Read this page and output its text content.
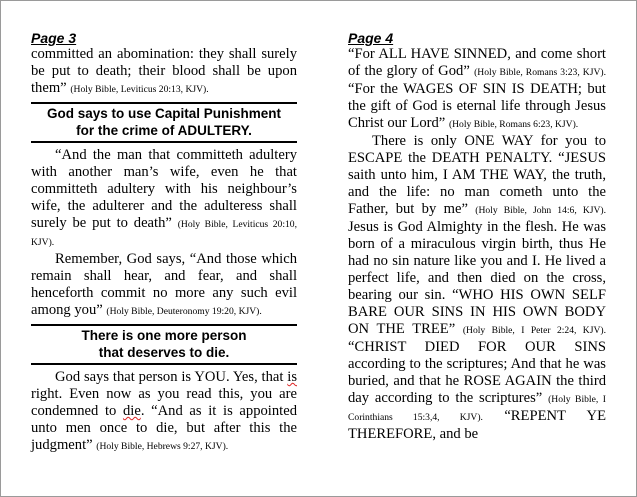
Page 3

committed an abomination: they shall surely be put to death; their blood shall be upon them” (Holy Bible, Leviticus 20:13, KJV).

God says to use Capital Punishment
for the crime of ADULTERY.

“And the man that committeth adultery with another man’s wife, even he that committeth adultery with his neighbour’s wife, the adulterer and the adulteress shall surely be put to death” (Holy Bible, Leviticus 20:10, KJV).

Remember, God says, “And those which remain shall hear, and fear, and shall henceforth commit no more any such evil among you” (Holy Bible, Deuteronomy 19:20, KJV).

There is one more person
that deserves to die.

God says that person is YOU. Yes, that is right. Even now as you read this, you are condemned to die. “And as it is appointed unto men once to die, but after this the judgment” (Holy Bible, Hebrews 9:27, KJV).

Page 4

“For ALL HAVE SINNED, and come short of the glory of God” (Holy Bible, Romans 3:23, KJV). “For the WAGES OF SIN IS DEATH; but the gift of God is eternal life through Jesus Christ our Lord” (Holy Bible, Romans 6:23, KJV).

There is only ONE WAY for you to ESCAPE the DEATH PENALTY. “JESUS saith unto him, I AM THE WAY, the truth, and the life: no man cometh unto the Father, but by me” (Holy Bible, John 14:6, KJV). Jesus is God Almighty in the flesh. He was born of a miraculous virgin birth, thus He had no sin nature like you and I. He lived a perfect life, and then died on the cross, bearing our sin. “WHO HIS OWN SELF BARE OUR SINS IN HIS OWN BODY ON THE TREE” (Holy Bible, I Peter 2:24, KJV). “CHRIST DIED FOR OUR SINS according to the scriptures; And that he was buried, and that he ROSE AGAIN the third day according to the scriptures” (Holy Bible, I Corinthians 15:3,4, KJV). “REPENT YE THEREFORE, and be
